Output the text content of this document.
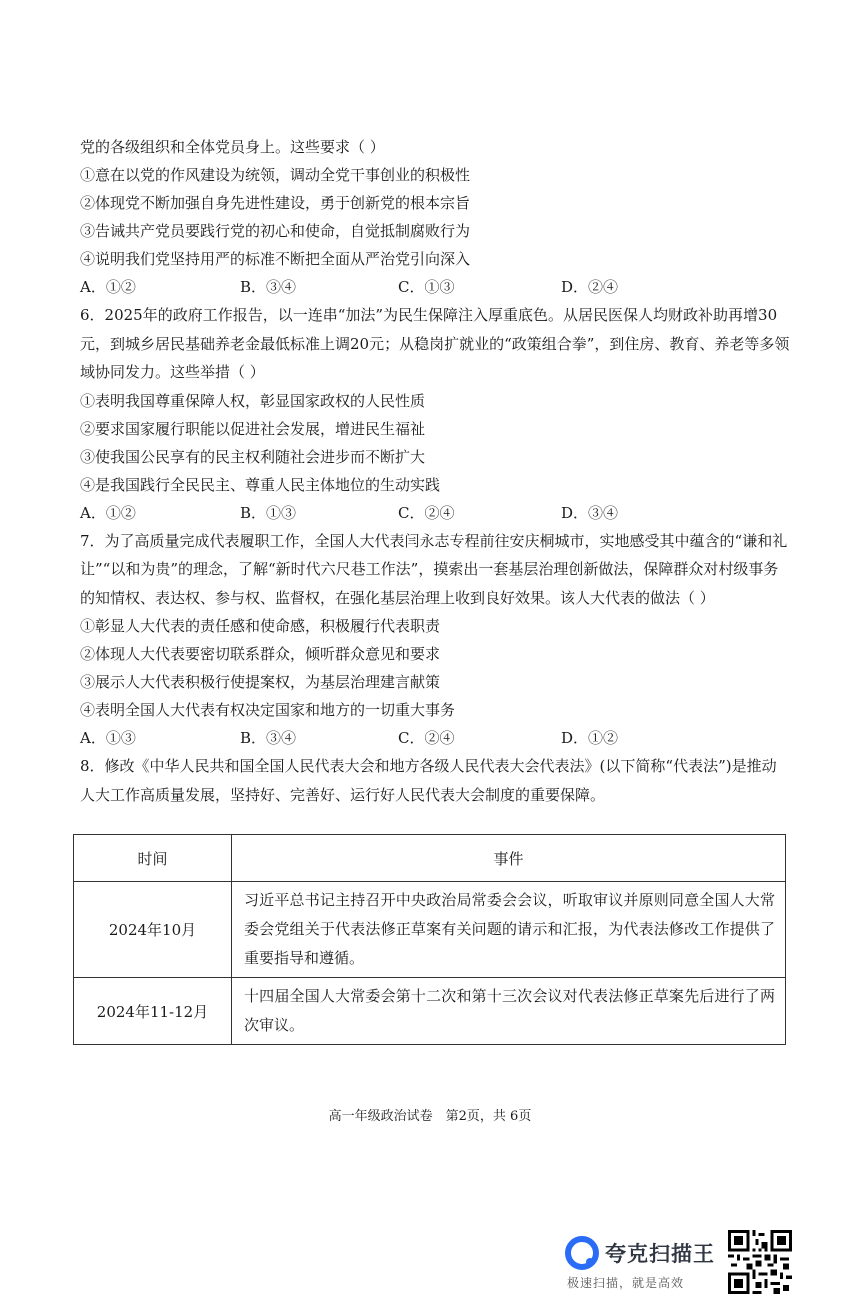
党的各级组织和全体党员身上。这些要求（ ）
①意在以党的作风建设为统领，调动全党干事创业的积极性
②体现党不断加强自身先进性建设，勇于创新党的根本宗旨
③告诫共产党员要践行党的初心和使命，自觉抵制腐败行为
④说明我们党坚持用严的标准不断把全面从严治党引向深入
A．①②	B．③④	C．①③	D．②④
6．2025年的政府工作报告，以一连串“加法”为民生保障注入厚重底色。从居民医保人均财政补助再增30元，到城乡居民基础养老金最低标准上调20元；从稳岗扩就业的“政策组合拳”，到住房、教育、养老等多领域协同发力。这些举措（ ）
①表明我国尊重保障人权，彰显国家政权的人民性质
②要求国家履行职能以促进社会发展，增进民生福祉
③使我国公民享有的民主权利随社会进步而不断扩大
④是我国践行全民民主、尊重人民主体地位的生动实践
A．①②	B．①③	C．②④	D．③④
7．为了高质量完成代表履职工作，全国人大代表闫永志专程前往安庆桐城市，实地感受其中蕴含的“谦和礼让”“以和为贵”的理念，了解“新时代六尺巷工作法”，摸索出一套基层治理创新做法，保障群众对村级事务的知情权、表达权、参与权、监督权，在强化基层治理上收到良好效果。该人大代表的做法（ ）
①彰显人大代表的责任感和使命感，积极履行代表职责
②体现人大代表要密切联系群众，倾听群众意见和要求
③展示人大代表积极行使提案权，为基层治理建言献策
④表明全国人大代表有权决定国家和地方的一切重大事务
A．①③	B．③④	C．②④	D．①②
8．修改《中华人民共和国全国人民代表大会和地方各级人民代表大会代表法》(以下简称“代表法”)是推动人大工作高质量发展，坚持好、完善好、运行好人民代表大会制度的重要保障。
时间	事件
2024年10月	习近平总书记主持召开中央政治局常委会会议，听取审议并原则同意全国人大常委会党组关于代表法修正草案有关问题的请示和汇报，为代表法修改工作提供了重要指导和遵循。
2024年11-12月	十四届全国人大常委会第十二次和第十三次会议对代表法修正草案先后进行了两次审议。
高一年级政治试卷　第2页，共 6页
夸克扫描王
极速扫描，就是高效
